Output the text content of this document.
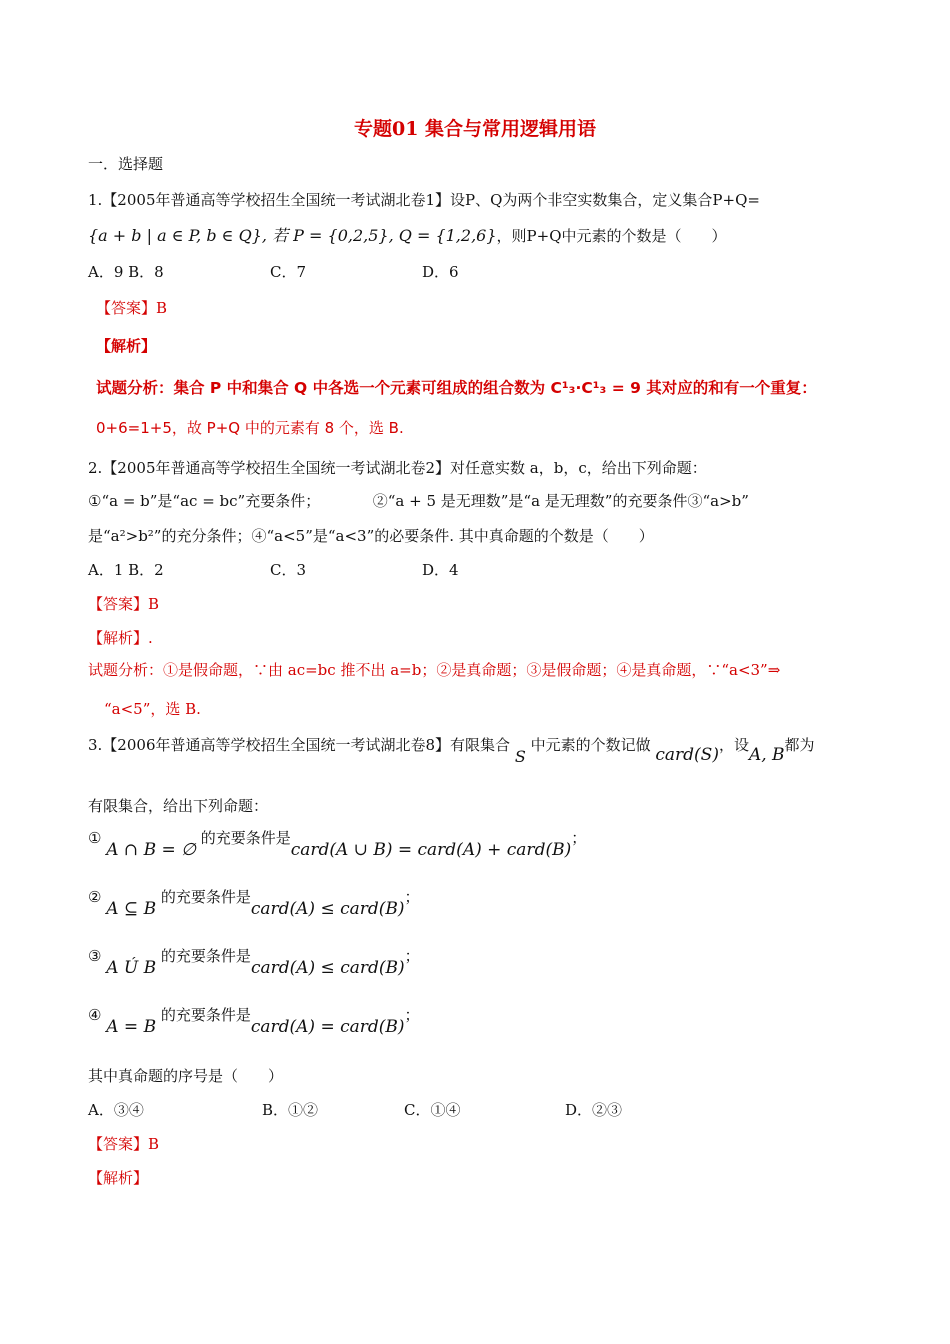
专题01 集合与常用逻辑用语
一．选择题
1.【2005年普通高等学校招生全国统一考试湖北卷1】设P、Q为两个非空实数集合，定义集合P+Q=
{a + b | a ∈ P, b ∈ Q}, 若 P = {0,2,5}, Q = {1,2,6}，则P+Q中元素的个数是（　　）
A．9 B．8	C．7	D．6
【答案】B
【解析】
试题分析：集合 P 中和集合 Q 中各选一个元素可组成的组合数为 C¹₃·C¹₃ = 9 其对应的和有一个重复：
0+6=1+5，故 P+Q 中的元素有 8 个，选 B.
2.【2005年普通高等学校招生全国统一考试湖北卷2】对任意实数 a，b，c，给出下列命题：
①“a = b”是“ac = bc”充要条件；　　　　②“a + 5 是无理数”是“a 是无理数”的充要条件③“a>b”
是“a²>b²”的充分条件；④“a<5”是“a<3”的必要条件. 其中真命题的个数是（　　）
A．1 B．2	C．3	D．4
【答案】B
【解析】.
试题分析：①是假命题，∵由 ac=bc 推不出 a=b；②是真命题；③是假命题；④是真命题，∵“a<3”⇒
“a<5”，选 B.
3.【2006年普通高等学校招生全国统一考试湖北卷8】有限集合 S 中元素的个数记做 card(S)，设A, B都为
有限集合，给出下列命题：
① A ∩ B = ∅ 的充要条件是card(A ∪ B) = card(A) + card(B)；
② A ⊆ B 的充要条件是card(A) ≤ card(B)；
③ A Ú B 的充要条件是card(A) ≤ card(B)；
④ A = B 的充要条件是card(A) = card(B)；
其中真命题的序号是（　　）
A．③④	B．①②	C．①④	D．②③
【答案】B
【解析】
